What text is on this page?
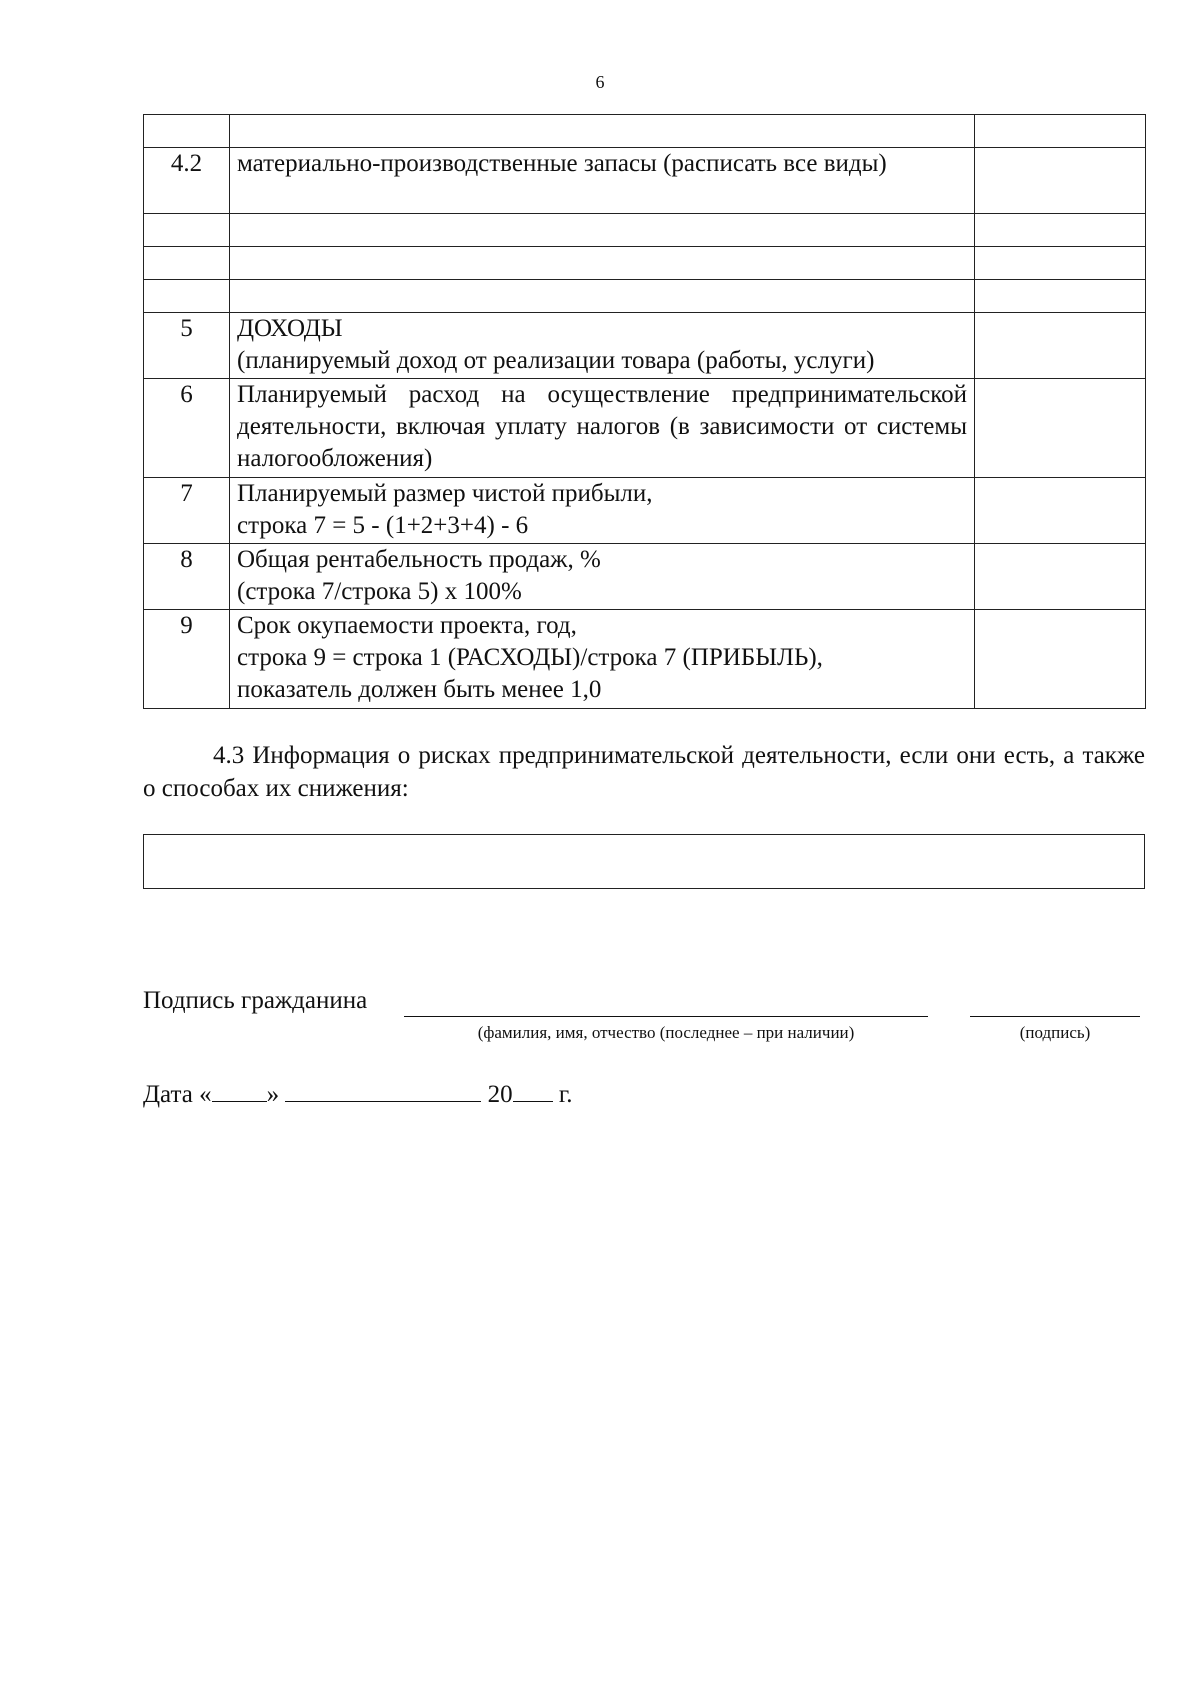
6

4.2	материально-производственные запасы (расписать все виды)	

5	ДОХОДЫ
(планируемый доход от реализации товара (работы, услуги)	
6	Планируемый расход на осуществление предпринимательской деятельности, включая уплату налогов (в зависимости от системы налогообложения)	
7	Планируемый размер чистой прибыли,
строка 7 = 5 - (1+2+3+4) - 6	
8	Общая рентабельность продаж, %
(строка 7/строка 5) х 100%	
9	Срок окупаемости проекта, год,
строка 9 = строка 1 (РАСХОДЫ)/строка 7 (ПРИБЫЛЬ),
показатель должен быть менее 1,0	

4.3 Информация о рисках предпринимательской деятельности, если они есть, а также о способах их снижения:

Подпись гражданина
(фамилия, имя, отчество (последнее – при наличии)	(подпись)
Дата « »	20 г.
